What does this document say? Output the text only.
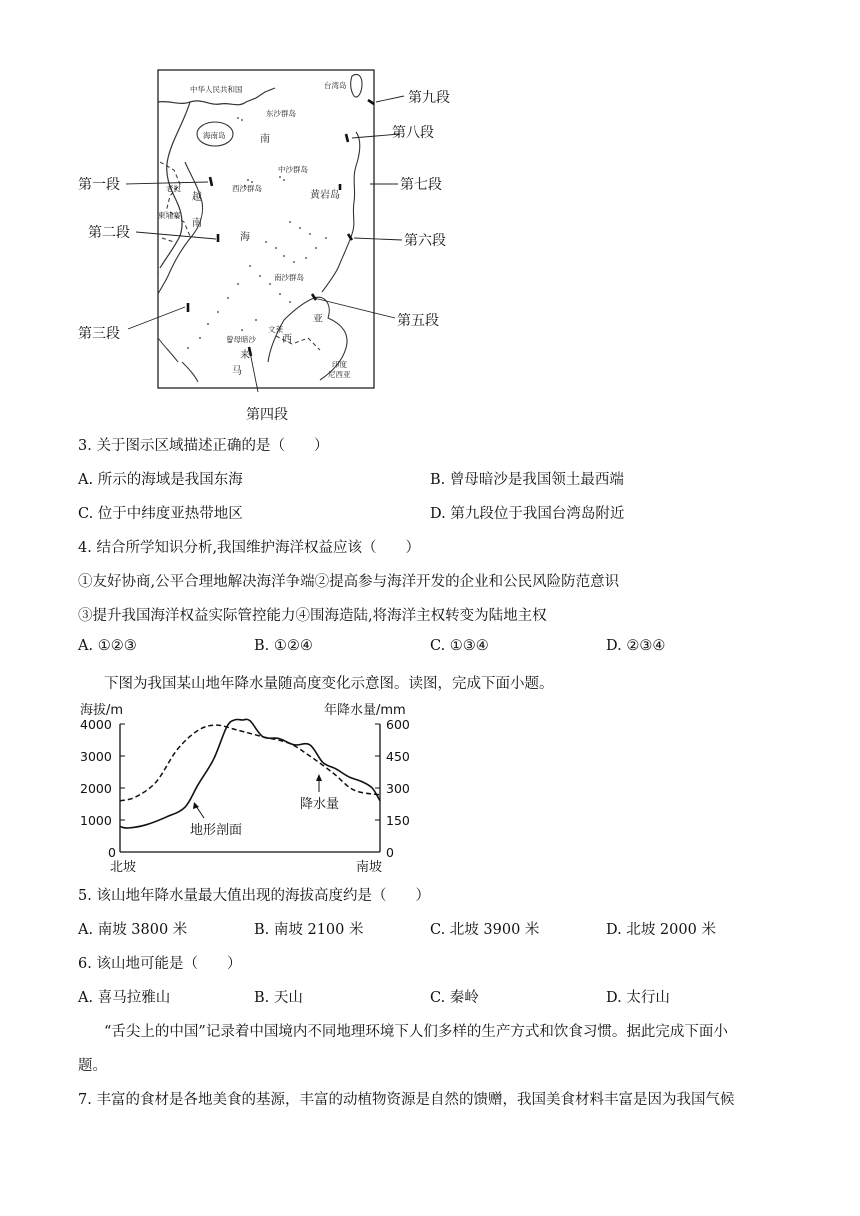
中华人民共和国	台湾岛
东沙群岛
海南岛
中沙群岛
西沙群岛
老挝
柬埔寨
南沙群岛
文莱
曾母暗沙
印度
尼西亚
南
黄岩岛
越
南
海
亚
西
来
马
第一段
第二段
第三段
第四段
第五段
第六段
第七段
第八段
第九段
3. 关于图示区域描述正确的是（　　）
A. 所示的海域是我国东海	B. 曾母暗沙是我国领土最西端
C. 位于中纬度亚热带地区	D. 第九段位于我国台湾岛附近
4. 结合所学知识分析,我国维护海洋权益应该（　　）
①友好协商,公平合理地解决海洋争端②提高参与海洋开发的企业和公民风险防范意识
③提升我国海洋权益实际管控能力④围海造陆,将海洋主权转变为陆地主权
A. ①②③	B. ①②④	C. ①③④	D. ②③④
下图为我国某山地年降水量随高度变化示意图。读图，完成下面小题。
海拔/m	年降水量/mm
4000
3000
2000
1000
0
600
450
300
150
0
北坡	南坡
地形剖面
降水量
5. 该山地年降水量最大值出现的海拔高度约是（　　）
A. 南坡 3800 米	B. 南坡 2100 米	C. 北坡 3900 米	D. 北坡 2000 米
6. 该山地可能是（　　）
A. 喜马拉雅山	B. 天山	C. 秦岭	D. 太行山
“舌尖上的中国”记录着中国境内不同地理环境下人们多样的生产方式和饮食习惯。据此完成下面小
题。
7. 丰富的食材是各地美食的基源，丰富的动植物资源是自然的馈赠，我国美食材料丰富是因为我国气候
